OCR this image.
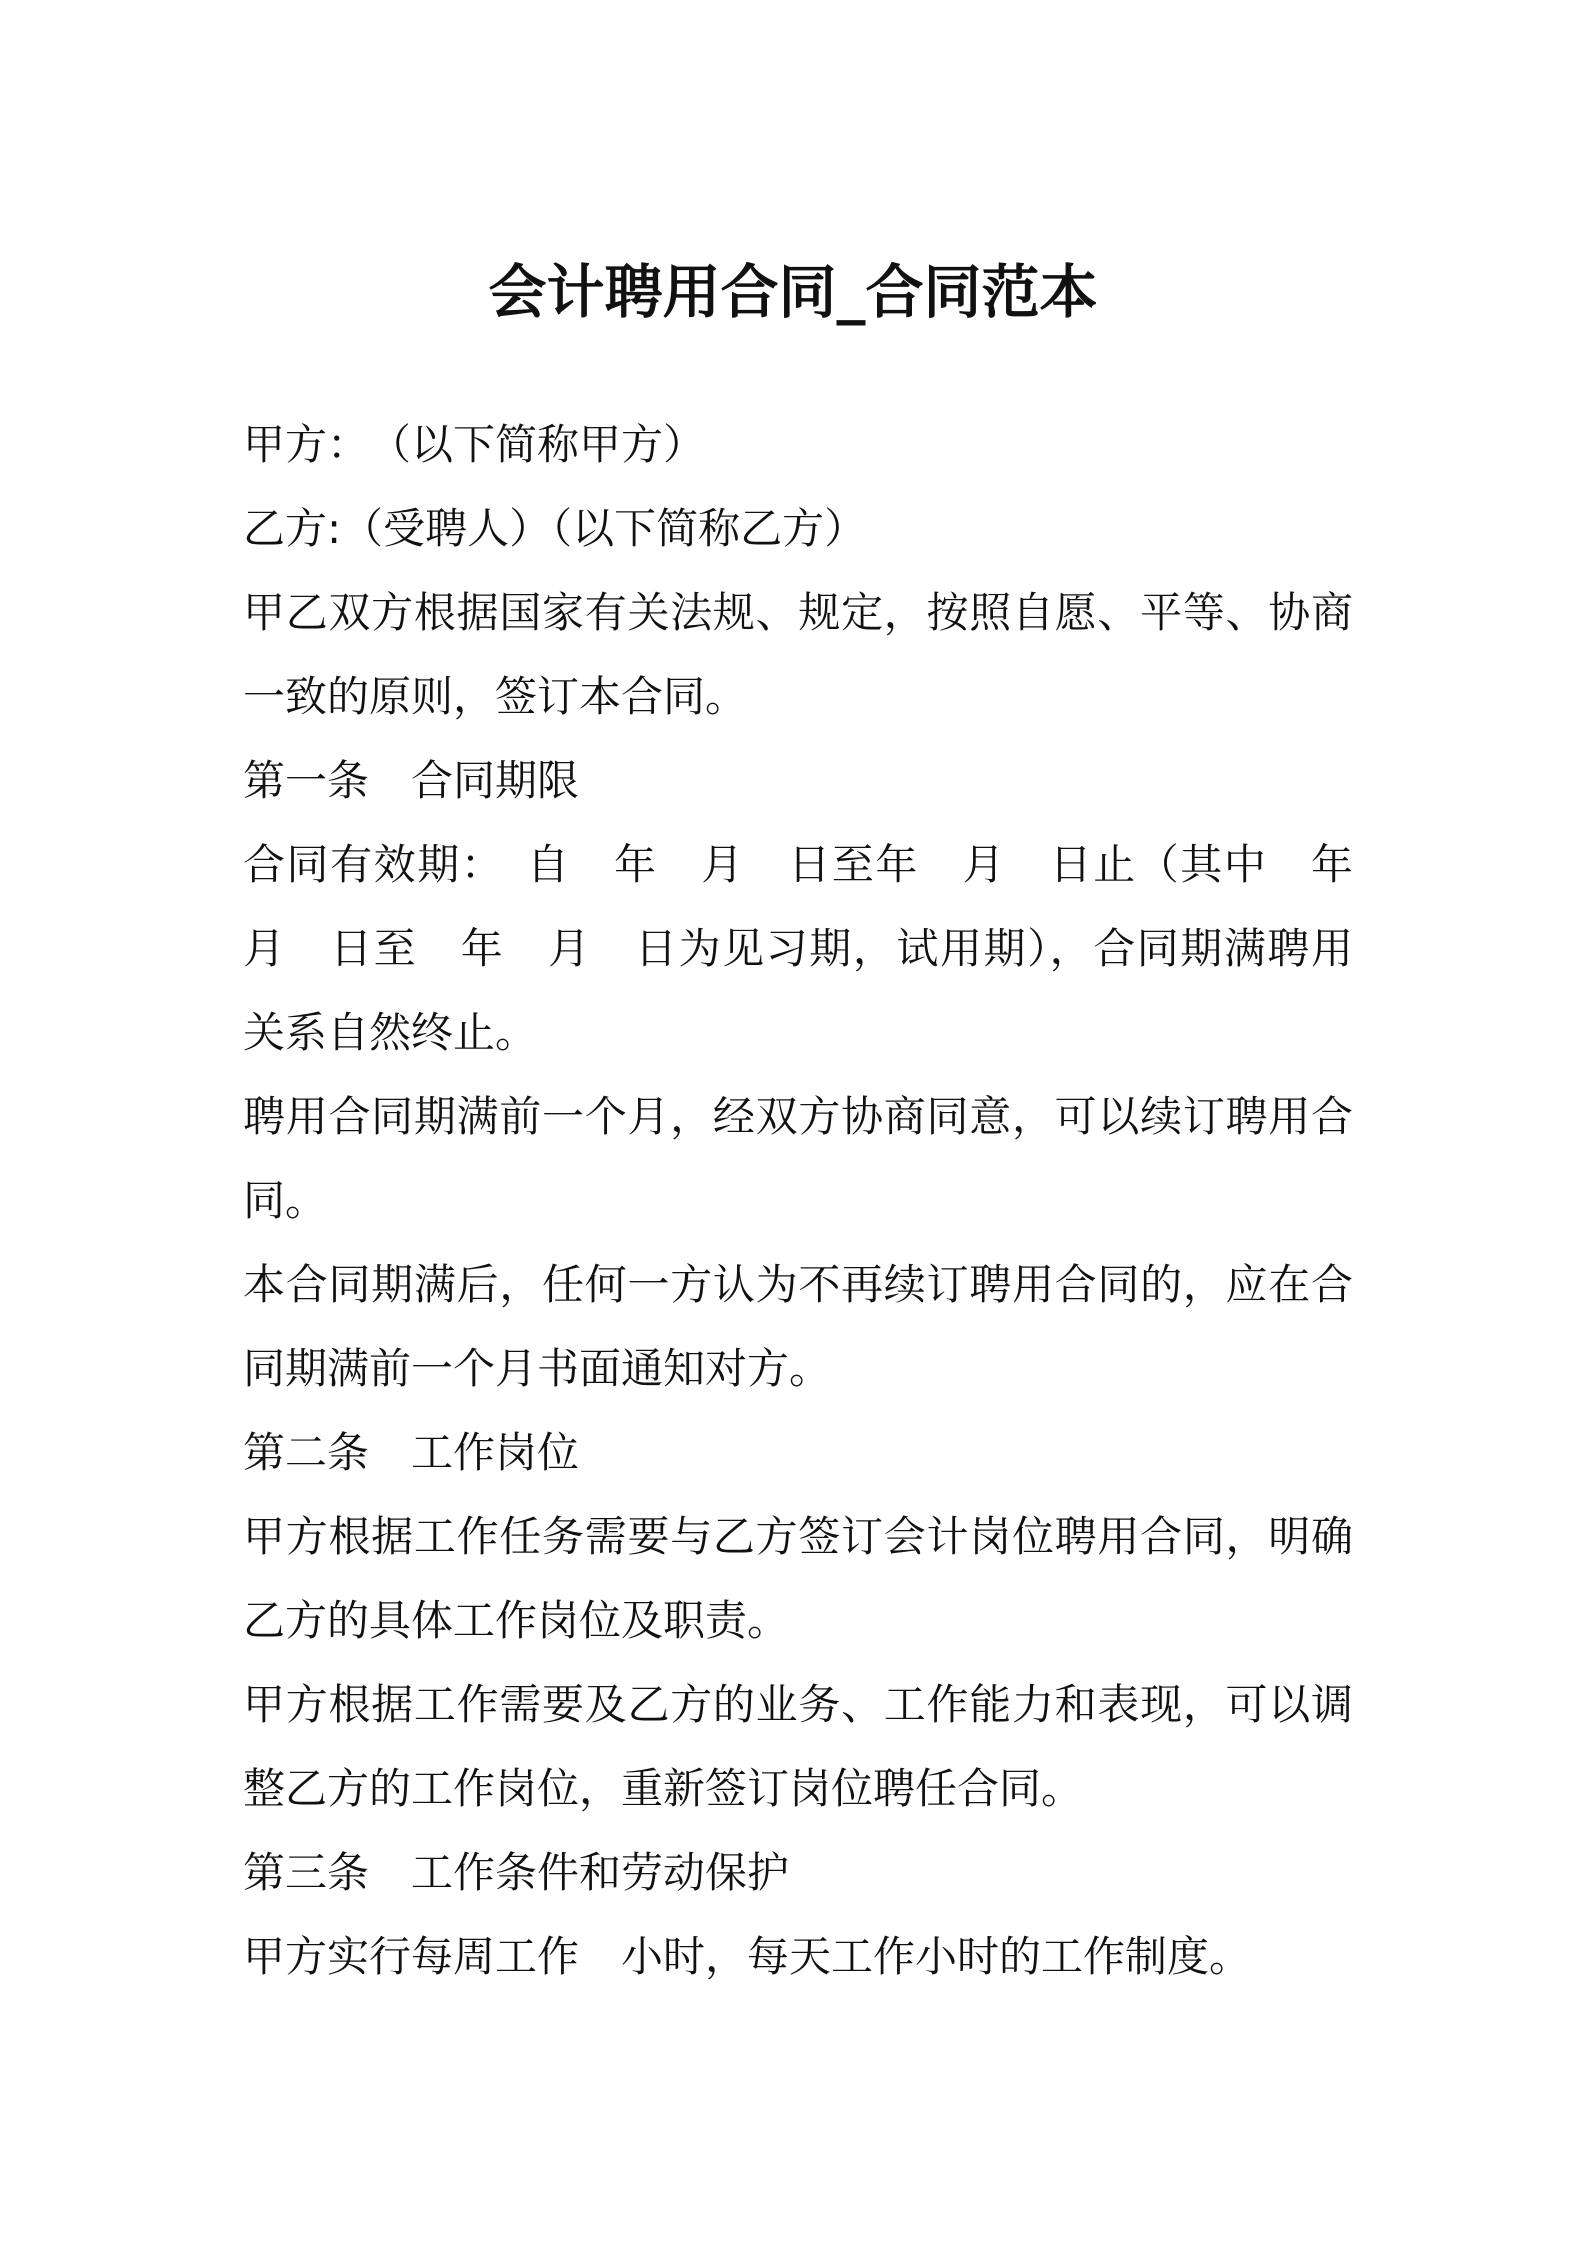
会计聘用合同_合同范本

甲方：　（以下简称甲方）

乙方:（受聘人）（以下简称乙方）

甲乙双方根据国家有关法规、规定，按照自愿、平等、协商一致的原则，签订本合同。

第一条　合同期限

合同有效期：　自　年　月　日至年　月　日止（其中　年　月　日至　年　月　日为见习期，试用期），合同期满聘用关系自然终止。

聘用合同期满前一个月，经双方协商同意，可以续订聘用合同。

本合同期满后，任何一方认为不再续订聘用合同的，应在合同期满前一个月书面通知对方。

第二条　工作岗位

甲方根据工作任务需要与乙方签订会计岗位聘用合同，明确乙方的具体工作岗位及职责。

甲方根据工作需要及乙方的业务、工作能力和表现，可以调整乙方的工作岗位，重新签订岗位聘任合同。

第三条　工作条件和劳动保护

甲方实行每周工作　小时，每天工作小时的工作制度。
